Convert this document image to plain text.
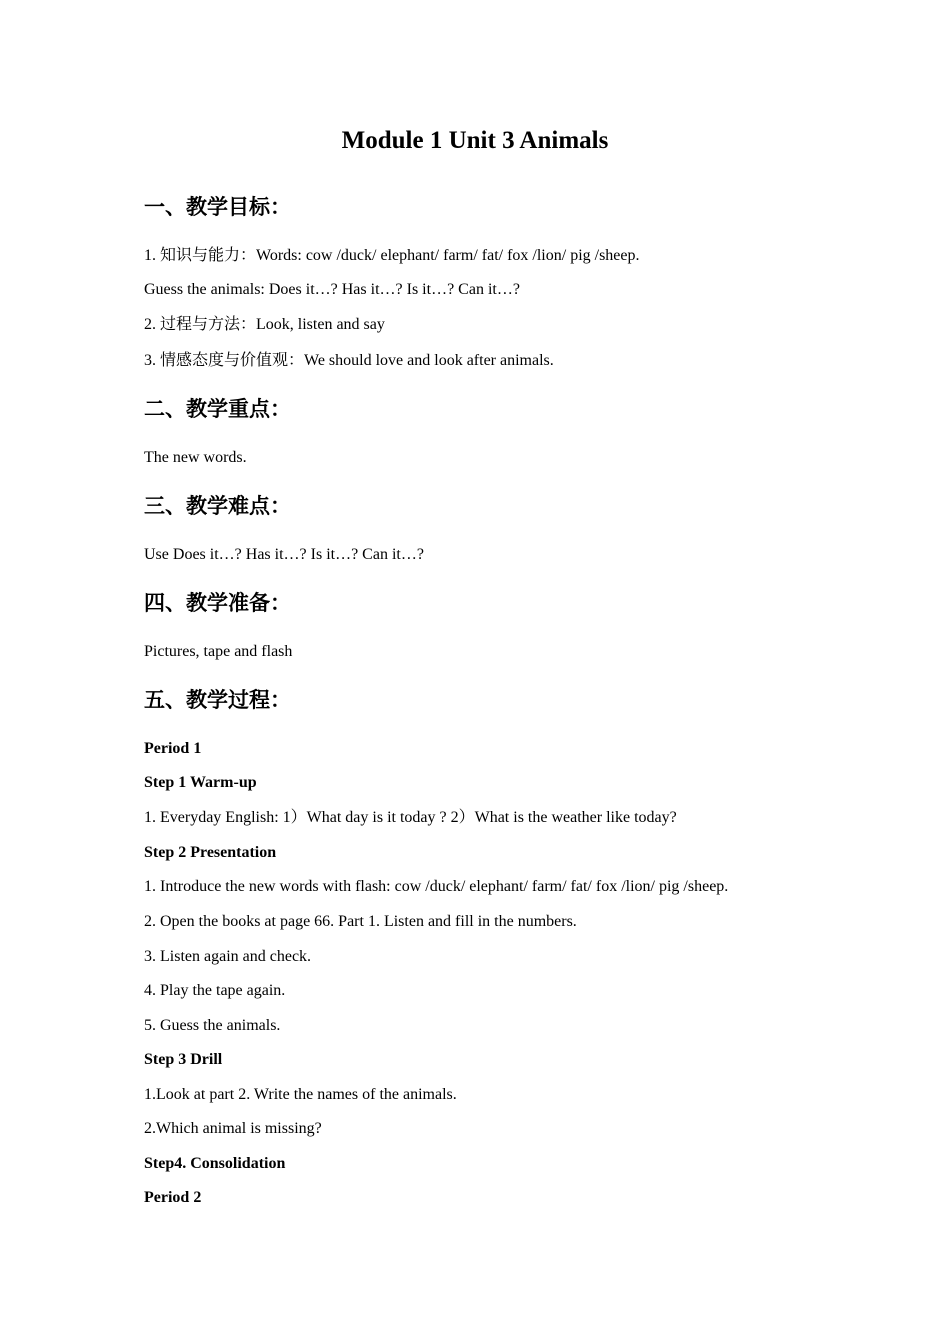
Module 1 Unit 3 Animals
一、教学目标：
1. 知识与能力：Words: cow /duck/ elephant/ farm/ fat/ fox /lion/ pig /sheep.
Guess the animals: Does it…? Has it…? Is it…? Can it…?
2. 过程与方法：Look, listen and say
3. 情感态度与价值观：We should love and look after animals.
二、教学重点：
The new words.
三、教学难点：
Use Does it…? Has it…? Is it…? Can it…?
四、教学准备：
Pictures, tape and flash
五、教学过程：
Period 1
Step 1 Warm-up
1. Everyday English: 1）What day is it today ? 2）What is the weather like today?
Step 2 Presentation
1. Introduce the new words with flash: cow /duck/ elephant/ farm/ fat/ fox /lion/ pig /sheep.
2. Open the books at page 66. Part 1. Listen and fill in the numbers.
3. Listen again and check.
4. Play the tape again.
5. Guess the animals.
Step 3 Drill
1.Look at part 2. Write the names of the animals.
2.Which animal is missing?
Step4. Consolidation
Period 2
